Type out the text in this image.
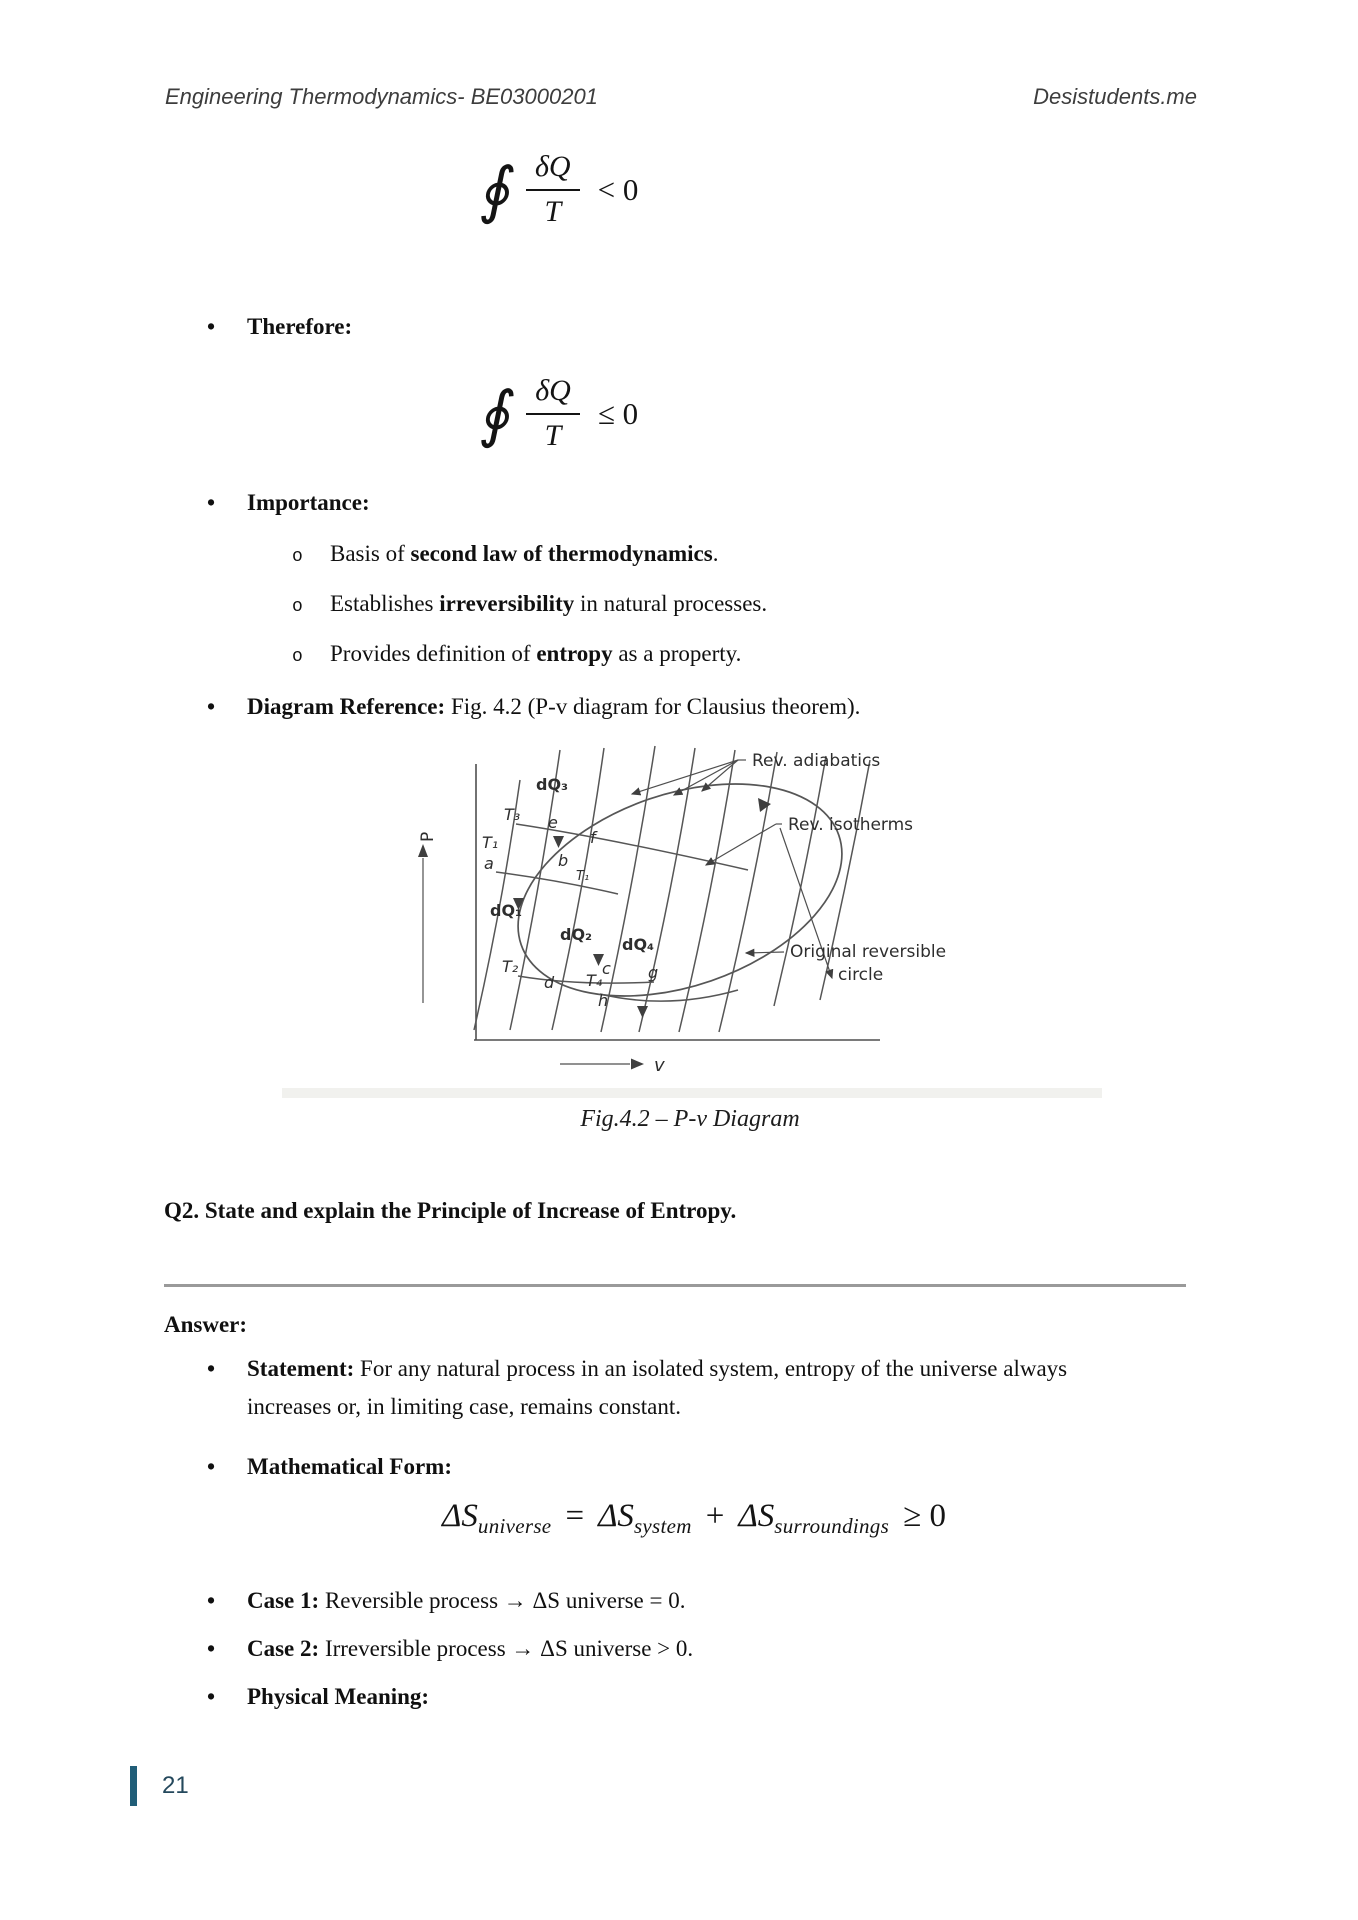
Engineering Thermodynamics- BE03000201	Desistudents.me
∮ $\frac{\delta Q}{T} < 0$
• Therefore:
∮ $\frac{\delta Q}{T} \le 0$
• Importance:
o Basis of second law of thermodynamics.
o Establishes irreversibility in natural processes.
o Provides definition of entropy as a property.
• Diagram Reference: Fig. 4.2 (P-v diagram for Clausius theorem).
P
v
Rev. adiabatics
Rev. isotherms
Original reversible
circle
T₃
T₁
T₁
T₂
T₄
dQ₃
dQ₁
dQ₂
dQ₄
a	b
c
d
e
f
g
h
Fig.4.2 – P-v Diagram
Q2. State and explain the Principle of Increase of Entropy.
Answer:
• Statement: For any natural process in an isolated system, entropy of the universe always increases or, in limiting case, remains constant.
• Mathematical Form:
$\Delta S_{universe} = \Delta S_{system} + \Delta S_{surroundings} \ge 0$
• Case 1: Reversible process → ΔS universe = 0.
• Case 2: Irreversible process → ΔS universe > 0.
• Physical Meaning:
21
